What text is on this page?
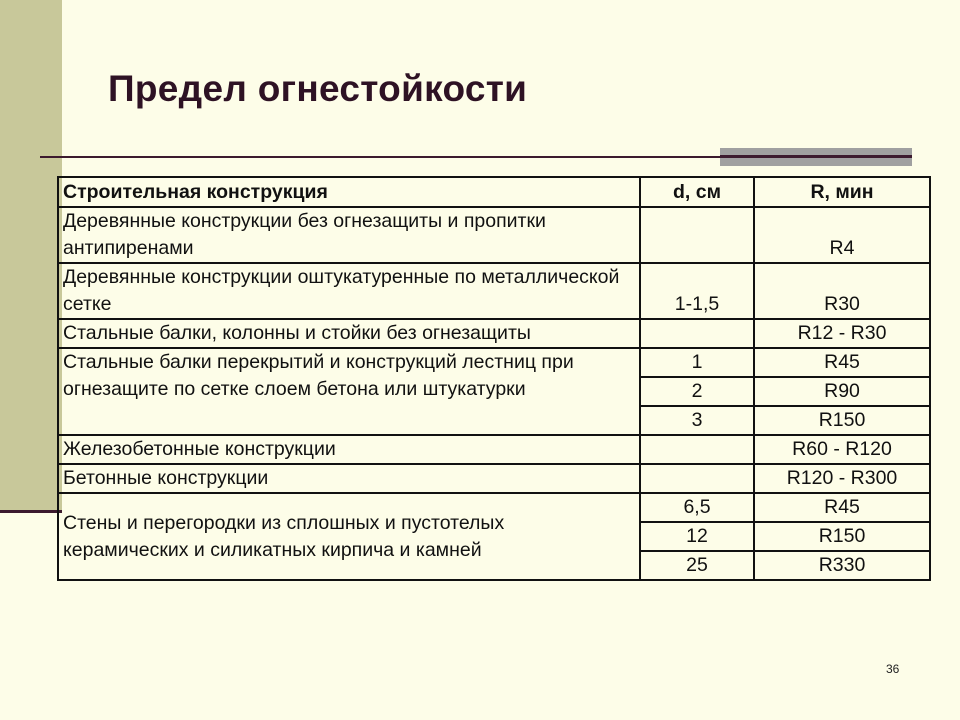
Предел огнестойкости
Строительная конструкция	d, см	R, мин
Деревянные конструкции без огнезащиты и пропитки антипиренами		R4
Деревянные конструкции оштукатуренные по металлической сетке	1-1,5	R30
Стальные балки, колонны и стойки без огнезащиты		R12 - R30
Стальные балки перекрытий и конструкций лестниц при огнезащите по сетке слоем бетона или штукатурки	1	R45
	2	R90
	3	R150
Железобетонные конструкции		R60 - R120
Бетонные конструкции		R120 - R300
Стены и перегородки из сплошных и пустотелых керамических и силикатных кирпича и камней	6,5	R45
	12	R150
	25	R330
36
